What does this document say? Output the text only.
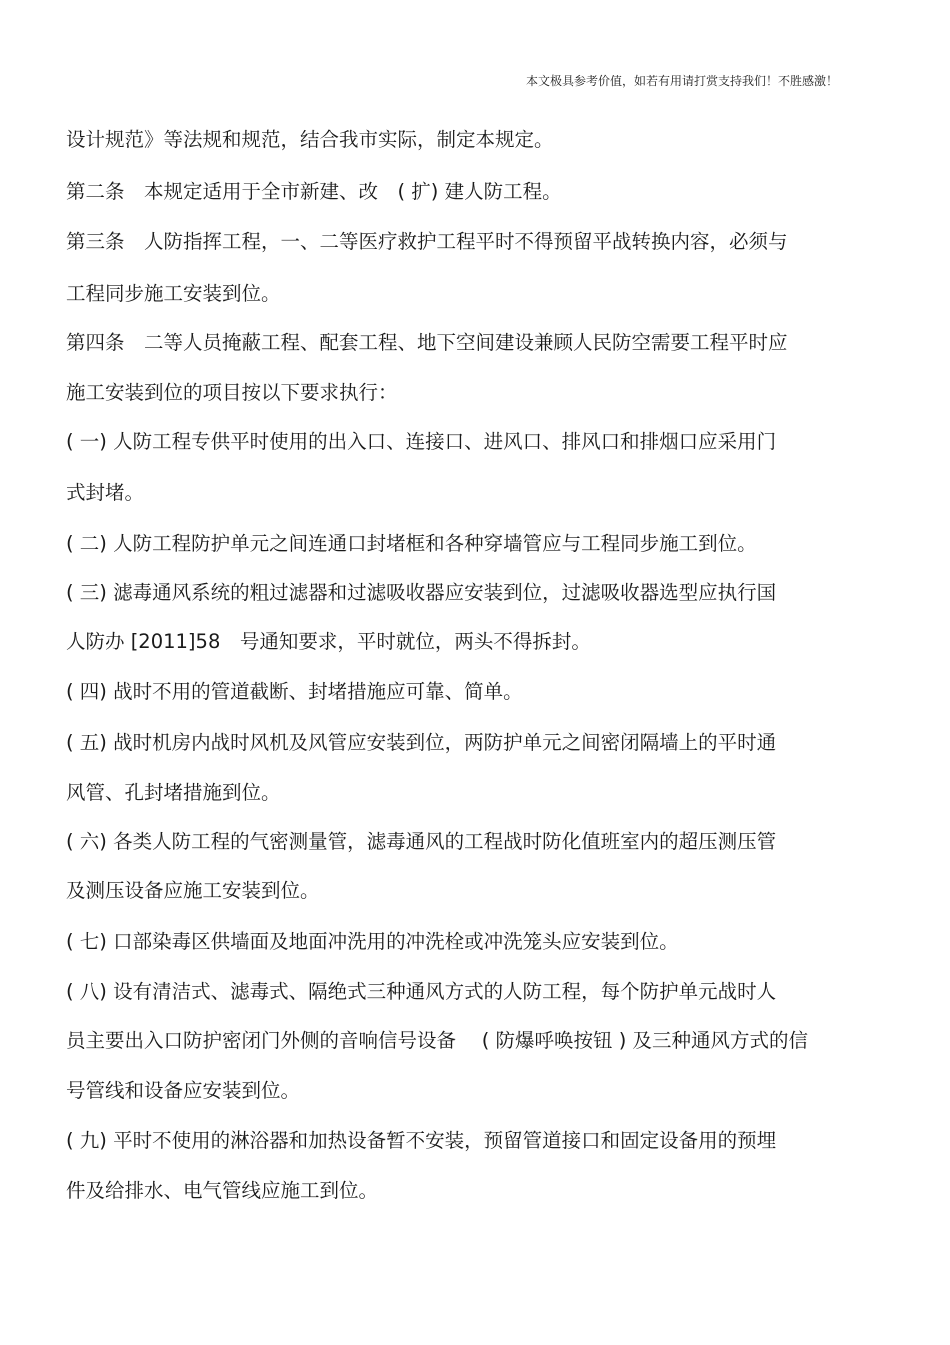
本文极具参考价值，如若有用请打赏支持我们！不胜感激！
设计规范》等法规和规范，结合我市实际，制定本规定。
第二条　本规定适用于全市新建、改　( 扩) 建人防工程。
第三条　人防指挥工程，一、二等医疗救护工程平时不得预留平战转换内容，必须与
工程同步施工安装到位。
第四条　二等人员掩蔽工程、配套工程、地下空间建设兼顾人民防空需要工程平时应
施工安装到位的项目按以下要求执行：
( 一) 人防工程专供平时使用的出入口、连接口、进风口、排风口和排烟口应采用门
式封堵。
( 二) 人防工程防护单元之间连通口封堵框和各种穿墙管应与工程同步施工到位。
( 三) 滤毒通风系统的粗过滤器和过滤吸收器应安装到位，过滤吸收器选型应执行国
人防办 [2011]58　号通知要求，平时就位，两头不得拆封。
( 四) 战时不用的管道截断、封堵措施应可靠、简单。
( 五) 战时机房内战时风机及风管应安装到位，两防护单元之间密闭隔墙上的平时通
风管、孔封堵措施到位。
( 六) 各类人防工程的气密测量管，滤毒通风的工程战时防化值班室内的超压测压管
及测压设备应施工安装到位。
( 七) 口部染毒区供墙面及地面冲洗用的冲洗栓或冲洗笼头应安装到位。
( 八) 设有清洁式、滤毒式、隔绝式三种通风方式的人防工程，每个防护单元战时人
员主要出入口防护密闭门外侧的音响信号设备　 ( 防爆呼唤按钮 ) 及三种通风方式的信
号管线和设备应安装到位。
( 九) 平时不使用的淋浴器和加热设备暂不安装，预留管道接口和固定设备用的预埋
件及给排水、电气管线应施工到位。
